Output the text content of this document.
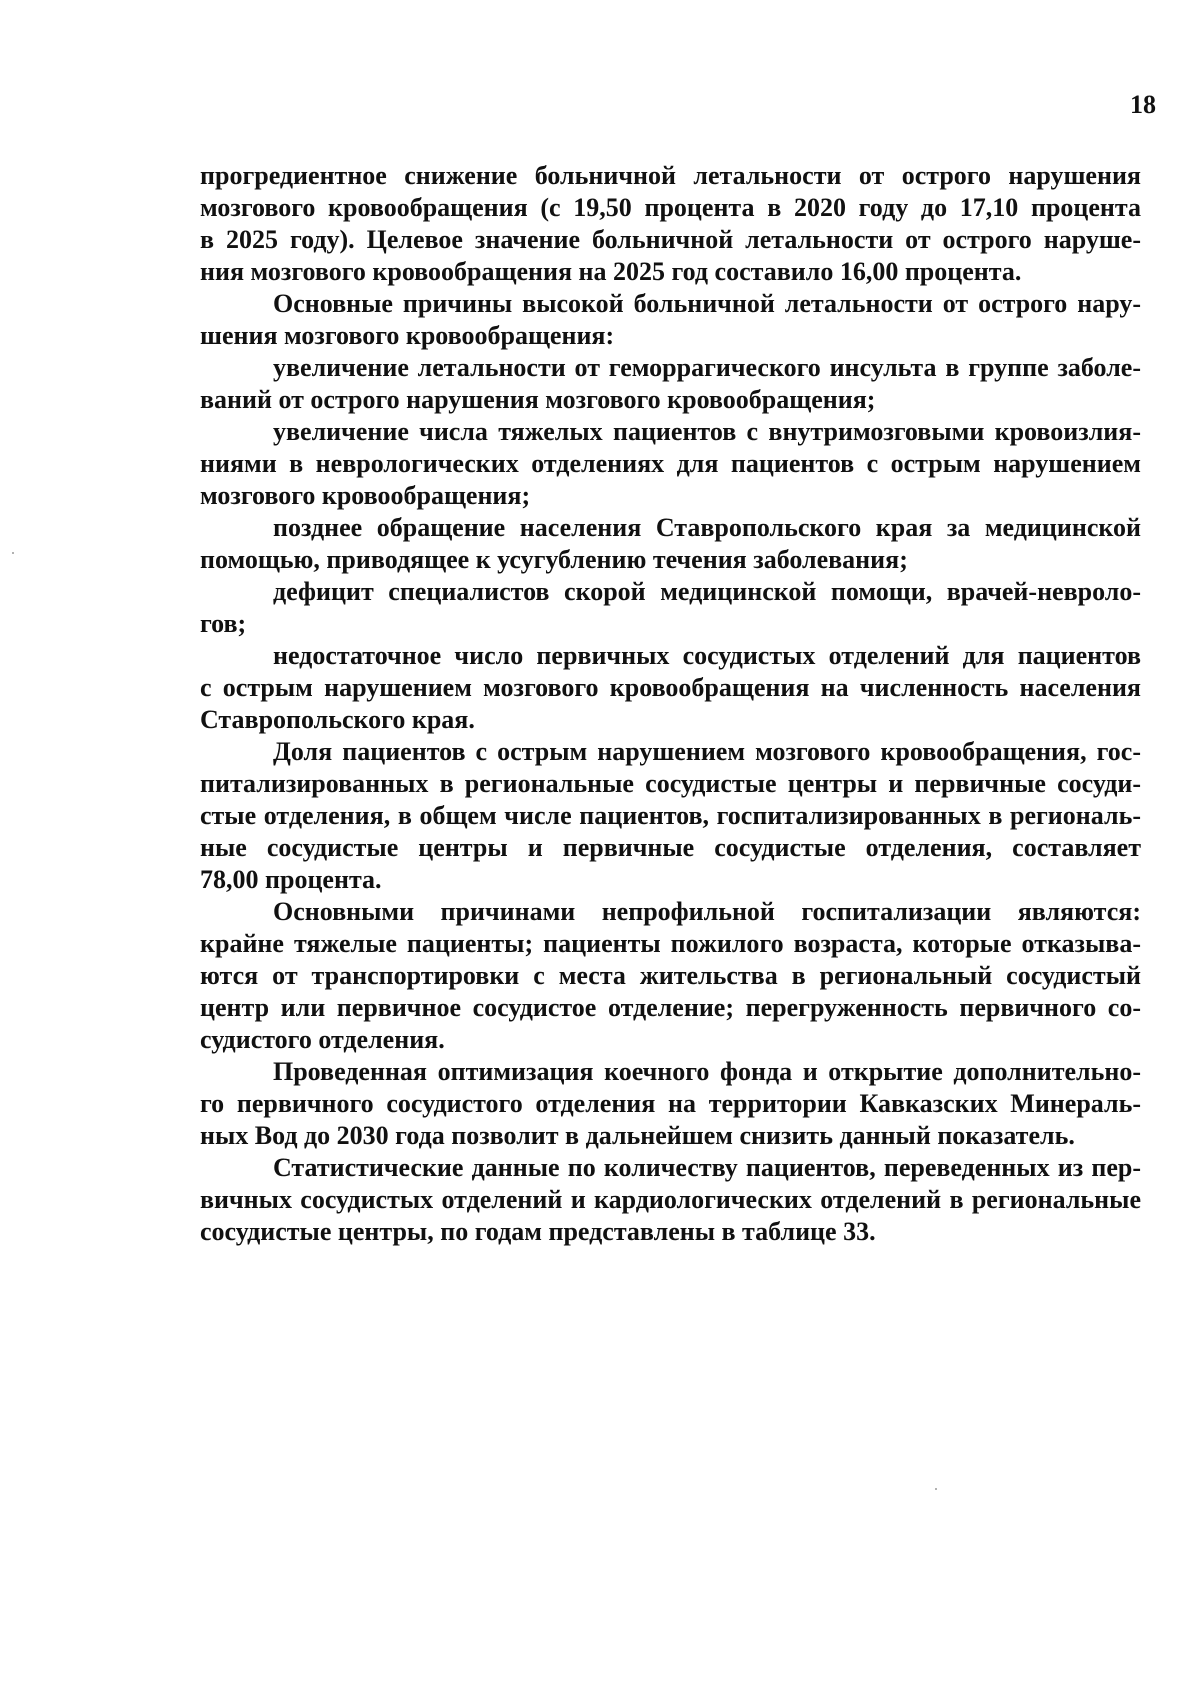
18
прогредиентное снижение больничной летальности от острого нарушения
мозгового кровообращения (с 19,50 процента в 2020 году до 17,10 процента
в 2025 году). Целевое значение больничной летальности от острого наруше-
ния мозгового кровообращения на 2025 год составило 16,00 процента.
Основные причины высокой больничной летальности от острого нару-
шения мозгового кровообращения:
увеличение летальности от геморрагического инсульта в группе заболе-
ваний от острого нарушения мозгового кровообращения;
увеличение числа тяжелых пациентов с внутримозговыми кровоизлия-
ниями в неврологических отделениях для пациентов с острым нарушением
мозгового кровообращения;
позднее обращение населения Ставропольского края за медицинской
помощью, приводящее к усугублению течения заболевания;
дефицит специалистов скорой медицинской помощи, врачей-невроло-
гов;
недостаточное число первичных сосудистых отделений для пациентов
с острым нарушением мозгового кровообращения на численность населения
Ставропольского края.
Доля пациентов с острым нарушением мозгового кровообращения, гос-
питализированных в региональные сосудистые центры и первичные сосуди-
стые отделения, в общем числе пациентов, госпитализированных в региональ-
ные сосудистые центры и первичные сосудистые отделения, составляет
78,00 процента.
Основными причинами непрофильной госпитализации являются:
крайне тяжелые пациенты; пациенты пожилого возраста, которые отказыва-
ются от транспортировки с места жительства в региональный сосудистый
центр или первичное сосудистое отделение; перегруженность первичного со-
судистого отделения.
Проведенная оптимизация коечного фонда и открытие дополнительно-
го первичного сосудистого отделения на территории Кавказских Минераль-
ных Вод до 2030 года позволит в дальнейшем снизить данный показатель.
Статистические данные по количеству пациентов, переведенных из пер-
вичных сосудистых отделений и кардиологических отделений в региональные
сосудистые центры, по годам представлены в таблице 33.
